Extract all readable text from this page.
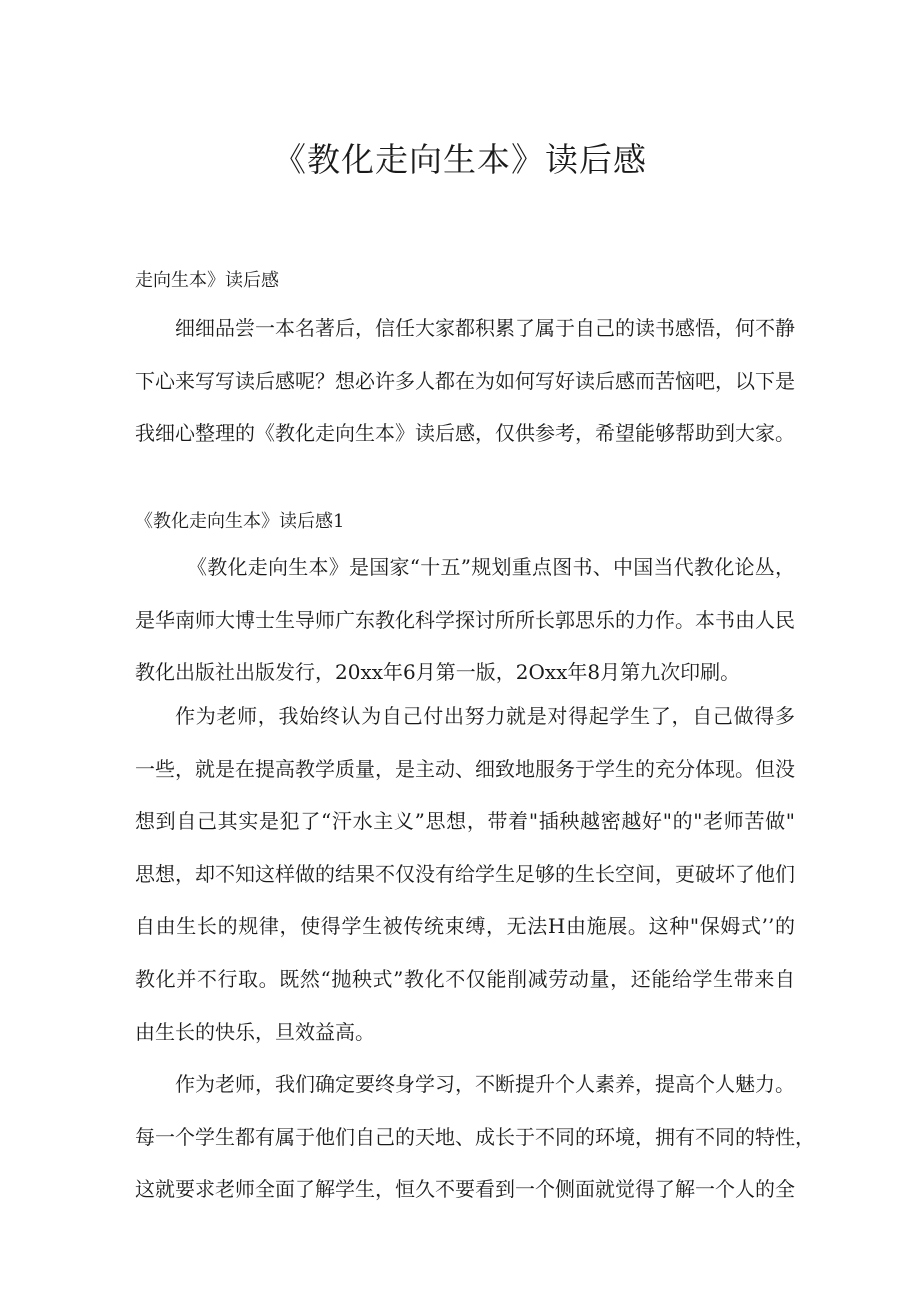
《教化走向生本》读后感
走向生本》读后感
细细品尝一本名著后，信任大家都积累了属于自己的读书感悟，何不静
下心来写写读后感呢？想必许多人都在为如何写好读后感而苦恼吧，以下是
我细心整理的《教化走向生本》读后感，仅供参考，希望能够帮助到大家。
《教化走向生本》读后感1
《教化走向生本》是国家“十五”规划重点图书、中国当代教化论丛，
是华南师大博士生导师广东教化科学探讨所所长郭思乐的力作。本书由人民
教化出版社出版发行，20xx年6月第一版，2Oxx年8月第九次印刷。
作为老师，我始终认为自己付出努力就是对得起学生了，自己做得多
一些，就是在提高教学质量，是主动、细致地服务于学生的充分体现。但没
想到自己其实是犯了“汗水主义”思想，带着"插秧越密越好"的"老师苦做"
思想，却不知这样做的结果不仅没有给学生足够的生长空间，更破坏了他们
自由生长的规律，使得学生被传统束缚，无法H由施展。这种"保姆式’’的
教化并不行取。既然“抛秧式”教化不仅能削减劳动量，还能给学生带来自
由生长的快乐，旦效益高。
作为老师，我们确定要终身学习，不断提升个人素养，提高个人魅力。
每一个学生都有属于他们自己的天地、成长于不同的环境，拥有不同的特性，
这就要求老师全面了解学生，恒久不要看到一个侧面就觉得了解一个人的全
